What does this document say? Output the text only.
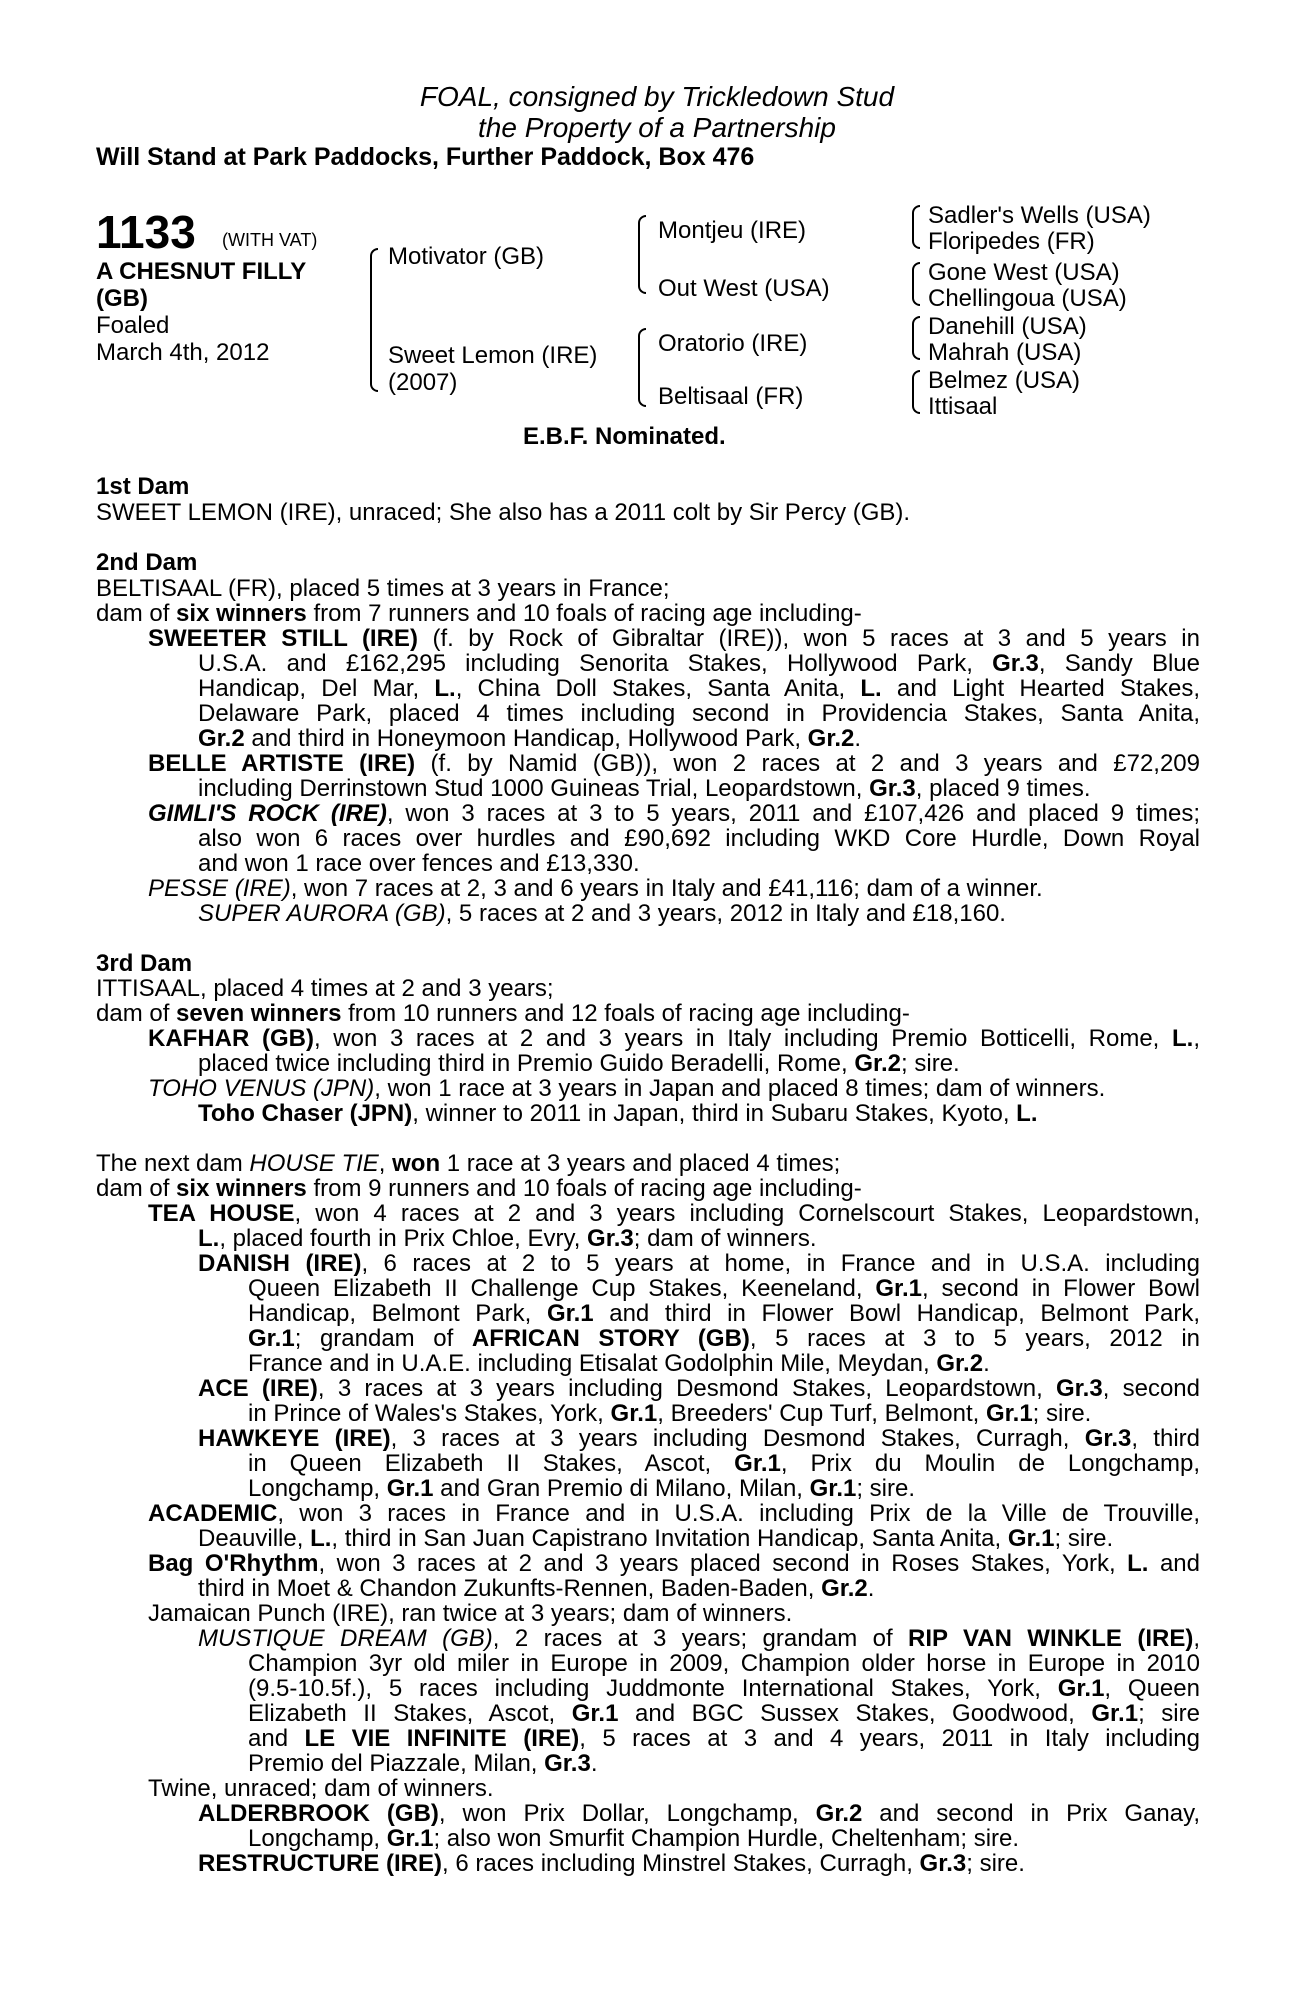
FOAL, consigned by Trickledown Stud
the Property of a Partnership
Will Stand at Park Paddocks, Further Paddock, Box 476
1133 (WITH VAT)
A CHESNUT FILLY
(GB)
Foaled
March 4th, 2012
Motivator (GB)
Sweet Lemon (IRE)
(2007)
Montjeu (IRE)
Out West (USA)
Oratorio (IRE)
Beltisaal (FR)
Sadler's Wells (USA)
Floripedes (FR)
Gone West (USA)
Chellingoua (USA)
Danehill (USA)
Mahrah (USA)
Belmez (USA)
Ittisaal
E.B.F. Nominated.
1st Dam
SWEET LEMON (IRE), unraced; She also has a 2011 colt by Sir Percy (GB).
2nd Dam
BELTISAAL (FR), placed 5 times at 3 years in France;
dam of six winners from 7 runners and 10 foals of racing age including-
SWEETER STILL (IRE) (f. by Rock of Gibraltar (IRE)), won 5 races at 3 and 5 years in
U.S.A. and £162,295 including Senorita Stakes, Hollywood Park, Gr.3, Sandy Blue
Handicap, Del Mar, L., China Doll Stakes, Santa Anita, L. and Light Hearted Stakes,
Delaware Park, placed 4 times including second in Providencia Stakes, Santa Anita,
Gr.2 and third in Honeymoon Handicap, Hollywood Park, Gr.2.
BELLE ARTISTE (IRE) (f. by Namid (GB)), won 2 races at 2 and 3 years and £72,209
including Derrinstown Stud 1000 Guineas Trial, Leopardstown, Gr.3, placed 9 times.
GIMLI'S ROCK (IRE), won 3 races at 3 to 5 years, 2011 and £107,426 and placed 9 times;
also won 6 races over hurdles and £90,692 including WKD Core Hurdle, Down Royal
and won 1 race over fences and £13,330.
PESSE (IRE), won 7 races at 2, 3 and 6 years in Italy and £41,116; dam of a winner.
SUPER AURORA (GB), 5 races at 2 and 3 years, 2012 in Italy and £18,160.
3rd Dam
ITTISAAL, placed 4 times at 2 and 3 years;
dam of seven winners from 10 runners and 12 foals of racing age including-
KAFHAR (GB), won 3 races at 2 and 3 years in Italy including Premio Botticelli, Rome, L.,
placed twice including third in Premio Guido Beradelli, Rome, Gr.2; sire.
TOHO VENUS (JPN), won 1 race at 3 years in Japan and placed 8 times; dam of winners.
Toho Chaser (JPN), winner to 2011 in Japan, third in Subaru Stakes, Kyoto, L.
The next dam HOUSE TIE, won 1 race at 3 years and placed 4 times;
dam of six winners from 9 runners and 10 foals of racing age including-
TEA HOUSE, won 4 races at 2 and 3 years including Cornelscourt Stakes, Leopardstown,
L., placed fourth in Prix Chloe, Evry, Gr.3; dam of winners.
DANISH (IRE), 6 races at 2 to 5 years at home, in France and in U.S.A. including
Queen Elizabeth II Challenge Cup Stakes, Keeneland, Gr.1, second in Flower Bowl
Handicap, Belmont Park, Gr.1 and third in Flower Bowl Handicap, Belmont Park,
Gr.1; grandam of AFRICAN STORY (GB), 5 races at 3 to 5 years, 2012 in
France and in U.A.E. including Etisalat Godolphin Mile, Meydan, Gr.2.
ACE (IRE), 3 races at 3 years including Desmond Stakes, Leopardstown, Gr.3, second
in Prince of Wales's Stakes, York, Gr.1, Breeders' Cup Turf, Belmont, Gr.1; sire.
HAWKEYE (IRE), 3 races at 3 years including Desmond Stakes, Curragh, Gr.3, third
in Queen Elizabeth II Stakes, Ascot, Gr.1, Prix du Moulin de Longchamp,
Longchamp, Gr.1 and Gran Premio di Milano, Milan, Gr.1; sire.
ACADEMIC, won 3 races in France and in U.S.A. including Prix de la Ville de Trouville,
Deauville, L., third in San Juan Capistrano Invitation Handicap, Santa Anita, Gr.1; sire.
Bag O'Rhythm, won 3 races at 2 and 3 years placed second in Roses Stakes, York, L. and
third in Moet & Chandon Zukunfts-Rennen, Baden-Baden, Gr.2.
Jamaican Punch (IRE), ran twice at 3 years; dam of winners.
MUSTIQUE DREAM (GB), 2 races at 3 years; grandam of RIP VAN WINKLE (IRE),
Champion 3yr old miler in Europe in 2009, Champion older horse in Europe in 2010
(9.5-10.5f.), 5 races including Juddmonte International Stakes, York, Gr.1, Queen
Elizabeth II Stakes, Ascot, Gr.1 and BGC Sussex Stakes, Goodwood, Gr.1; sire
and LE VIE INFINITE (IRE), 5 races at 3 and 4 years, 2011 in Italy including
Premio del Piazzale, Milan, Gr.3.
Twine, unraced; dam of winners.
ALDERBROOK (GB), won Prix Dollar, Longchamp, Gr.2 and second in Prix Ganay,
Longchamp, Gr.1; also won Smurfit Champion Hurdle, Cheltenham; sire.
RESTRUCTURE (IRE), 6 races including Minstrel Stakes, Curragh, Gr.3; sire.
